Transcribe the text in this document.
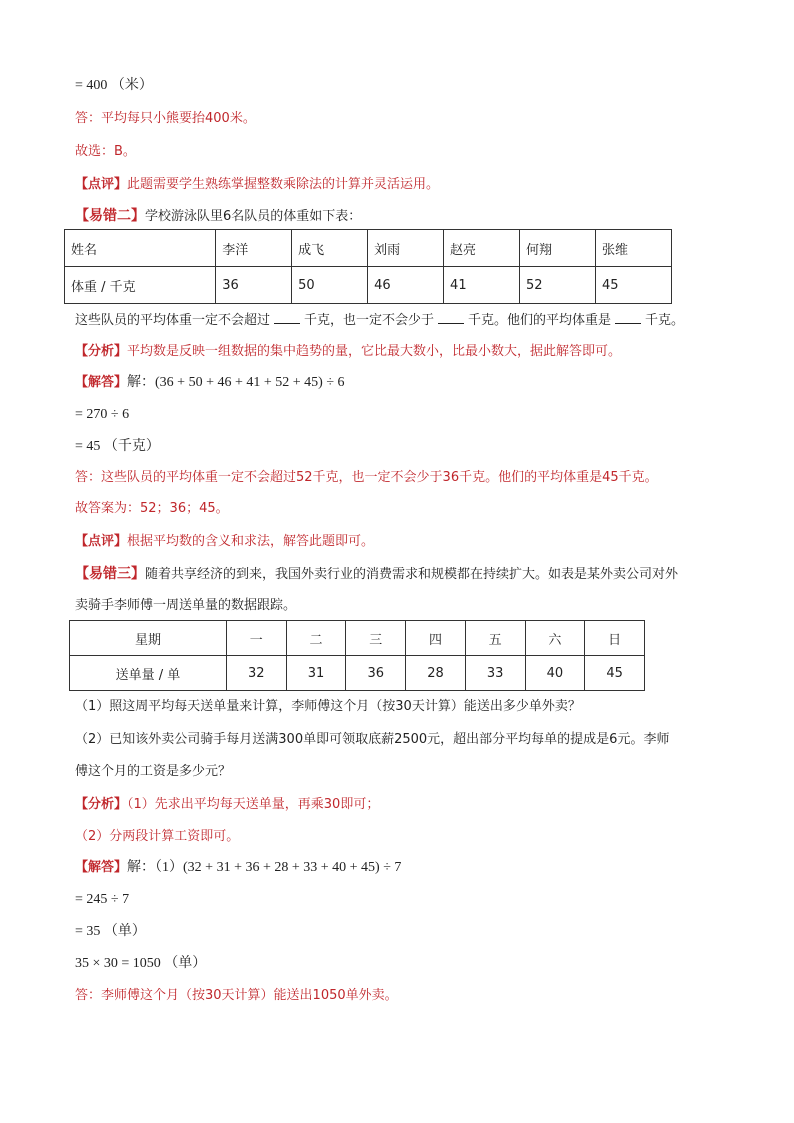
= 400 （米）
答：平均每只小熊要抬400米。
故选：B。
【点评】此题需要学生熟练掌握整数乘除法的计算并灵活运用。
【易错二】学校游泳队里6名队员的体重如下表：
姓名	李洋	成飞	刘雨	赵亮	何翔	张维
体重 / 千克	36	50	46	41	52	45
这些队员的平均体重一定不会超过	千克，也一定不会少于	千克。他们的平均体重是	千克。
【分析】平均数是反映一组数据的集中趋势的量，它比最大数小，比最小数大，据此解答即可。
【解答】解：(36 + 50 + 46 + 41 + 52 + 45) ÷ 6
= 270 ÷ 6
= 45 （千克）
答：这些队员的平均体重一定不会超过52千克，也一定不会少于36千克。他们的平均体重是45千克。
故答案为：52；36；45。
【点评】根据平均数的含义和求法，解答此题即可。
【易错三】随着共享经济的到来，我国外卖行业的消费需求和规模都在持续扩大。如表是某外卖公司对外
卖骑手李师傅一周送单量的数据跟踪。
星期	一	二	三	四	五	六	日
送单量 / 单	32	31	36	28	33	40	45
（1）照这周平均每天送单量来计算，李师傅这个月（按30天计算）能送出多少单外卖？
（2）已知该外卖公司骑手每月送满300单即可领取底薪2500元，超出部分平均每单的提成是6元。李师
傅这个月的工资是多少元？
【分析】（1）先求出平均每天送单量，再乘30即可；
（2）分两段计算工资即可。
【解答】解：（1）(32 + 31 + 36 + 28 + 33 + 40 + 45) ÷ 7
= 245 ÷ 7
= 35 （单）
35 × 30 = 1050 （单）
答：李师傅这个月（按30天计算）能送出1050单外卖。
